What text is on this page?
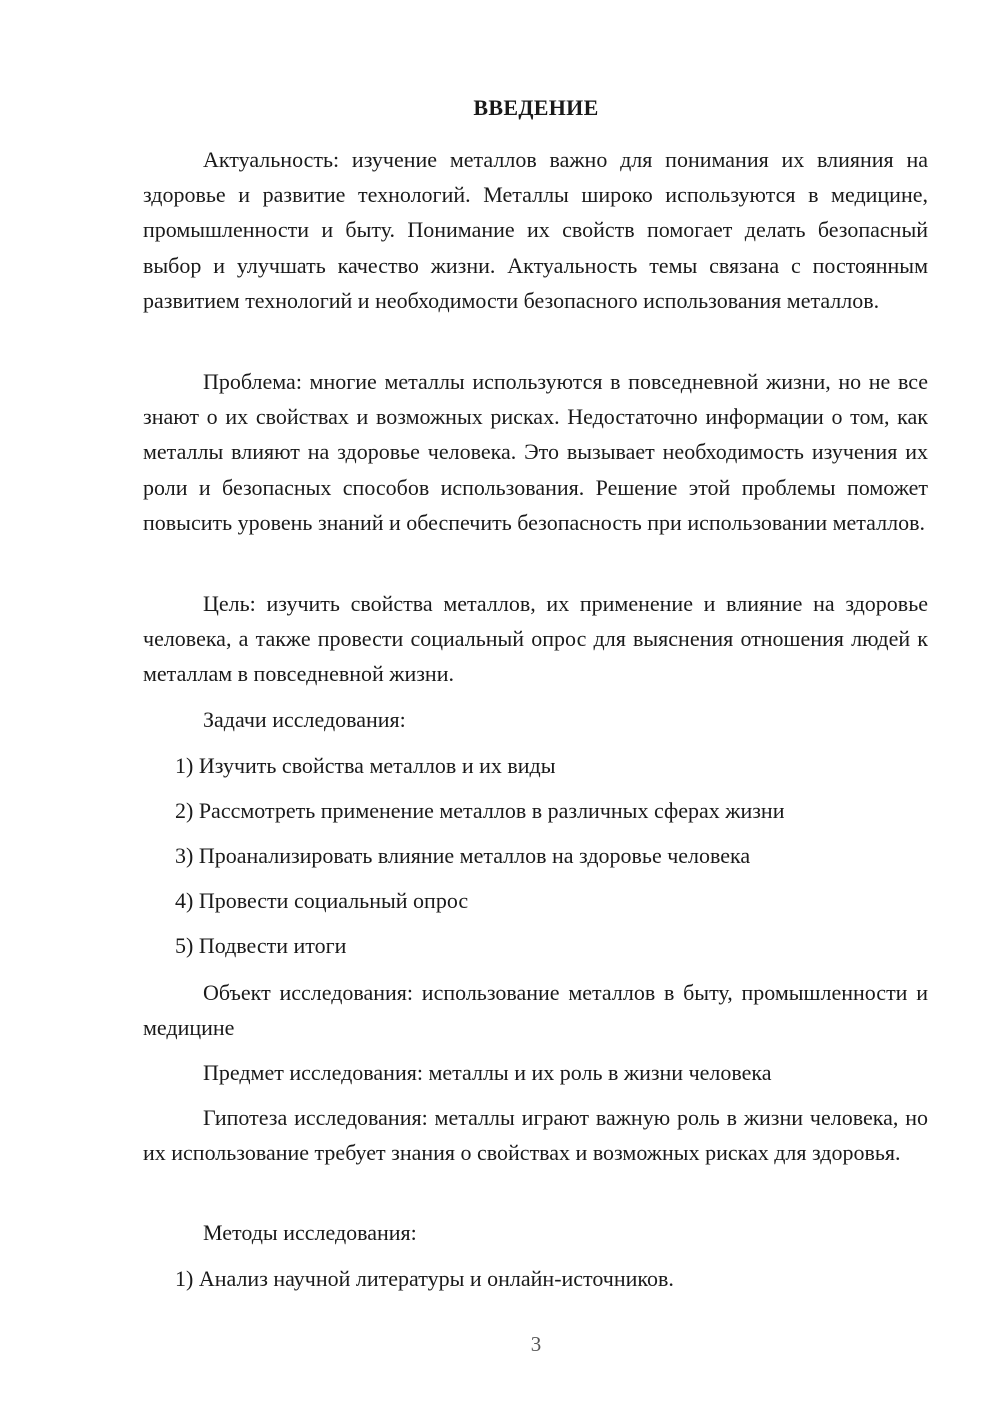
ВВЕДЕНИЕ

Актуальность: изучение металлов важно для понимания их влияния на здоровье и развитие технологий. Металлы широко используются в медицине, промышленности и быту. Понимание их свойств помогает делать безопасный выбор и улучшать качество жизни. Актуальность темы связана с постоянным развитием технологий и необходимости безопасного использования металлов.

Проблема: многие металлы используются в повседневной жизни, но не все знают о их свойствах и возможных рисках. Недостаточно информации о том, как металлы влияют на здоровье человека. Это вызывает необходимость изучения их роли и безопасных способов использования. Решение этой проблемы поможет повысить уровень знаний и обеспечить безопасность при использовании металлов.

Цель: изучить свойства металлов, их применение и влияние на здоровье человека, а также провести социальный опрос для выяснения отношения людей к металлам в повседневной жизни.

Задачи исследования:
1) Изучить свойства металлов и их виды
2) Рассмотреть применение металлов в различных сферах жизни
3) Проанализировать влияние металлов на здоровье человека
4) Провести социальный опрос
5) Подвести итоги

Объект исследования: использование металлов в быту, промышленности и медицине

Предмет исследования: металлы и их роль в жизни человека

Гипотеза исследования: металлы играют важную роль в жизни человека, но их использование требует знания о свойствах и возможных рисках для здоровья.

Методы исследования:
1) Анализ научной литературы и онлайн-источников.
3
